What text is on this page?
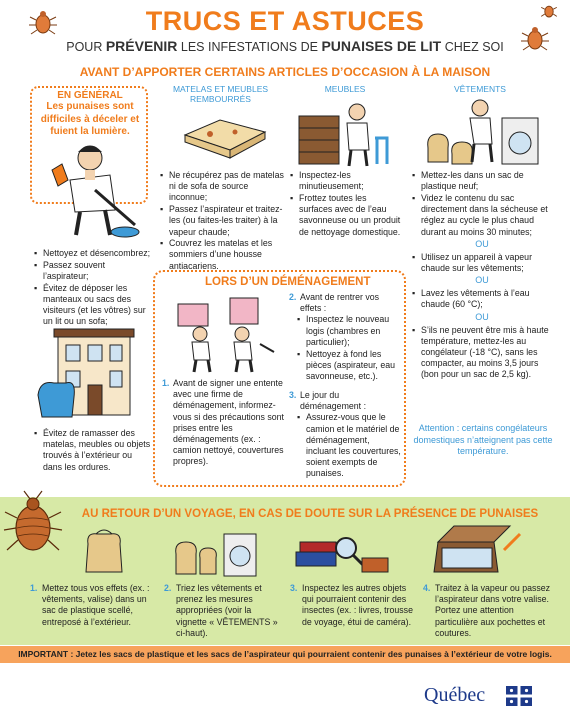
TRUCS ET ASTUCES
POUR PRÉVENIR LES INFESTATIONS DE PUNAISES DE LIT CHEZ SOI
AVANT D’APPORTER CERTAINS ARTICLES D’OCCASION À LA MAISON
EN GÉNÉRAL
Les punaises sont difficiles à déceler et fuient la lumière.
▪ Nettoyez et désencombrez;
▪ Passez souvent l’aspirateur;
▪ Évitez de déposer les manteaux ou sacs des visiteurs (et les vôtres) sur un lit ou un sofa;
▪ Évitez de ramasser des matelas, meubles ou objets trouvés à l’extérieur ou dans les ordures.
MATELAS ET MEUBLES REMBOURRÉS
▪ Ne récupérez pas de matelas ni de sofa de source inconnue;
▪ Passez l’aspirateur et traitez-les (ou faites-les traiter) à la vapeur chaude;
▪ Couvrez les matelas et les sommiers d’une housse antiacariens.
MEUBLES
▪ Inspectez-les minutieusement;
▪ Frottez toutes les surfaces avec de l’eau savonneuse ou un produit de nettoyage domestique.
VÊTEMENTS
▪ Mettez-les dans un sac de plastique neuf;
▪ Videz le contenu du sac directement dans la sécheuse et réglez au cycle le plus chaud durant au moins 30 minutes;
OU
▪ Utilisez un appareil à vapeur chaude sur les vêtements;
OU
▪ Lavez les vêtements à l’eau chaude (60 °C);
OU
▪ S’ils ne peuvent être mis à haute température, mettez-les au congélateur (-18 °C), sans les compacter, au moins 3,5 jours (bon pour un sac de 2,5 kg).
Attention : certains congélateurs domestiques n’atteignent pas cette température.
LORS D’UN DÉMÉNAGEMENT
1. Avant de signer une entente avec une firme de déménagement, informez-vous si des précautions sont prises entre les déménagements (ex. : camion nettoyé, couvertures propres).
2. Avant de rentrer vos effets :
▪ Inspectez le nouveau logis (chambres en particulier);
▪ Nettoyez à fond les pièces (aspirateur, eau savonneuse, etc.).
3. Le jour du déménagement :
▪ Assurez-vous que le camion et le matériel de déménagement, incluant les couvertures, soient exempts de punaises.
AU RETOUR D’UN VOYAGE, EN CAS DE DOUTE SUR LA PRÉSENCE DE PUNAISES
1. Mettez tous vos effets (ex. : vêtements, valise) dans un sac de plastique scellé, entreposé à l’extérieur.
2. Triez les vêtements et prenez les mesures appropriées (voir la vignette « VÊTEMENTS » ci-haut).
3. Inspectez les autres objets qui pourraient contenir des insectes (ex. : livres, trousse de voyage, étui de caméra).
4. Traitez à la vapeur ou passez l’aspirateur dans votre valise. Portez une attention particulière aux pochettes et coutures.
IMPORTANT : Jetez les sacs de plastique et les sacs de l’aspirateur qui pourraient contenir des punaises à l’extérieur de votre logis.
Québec
